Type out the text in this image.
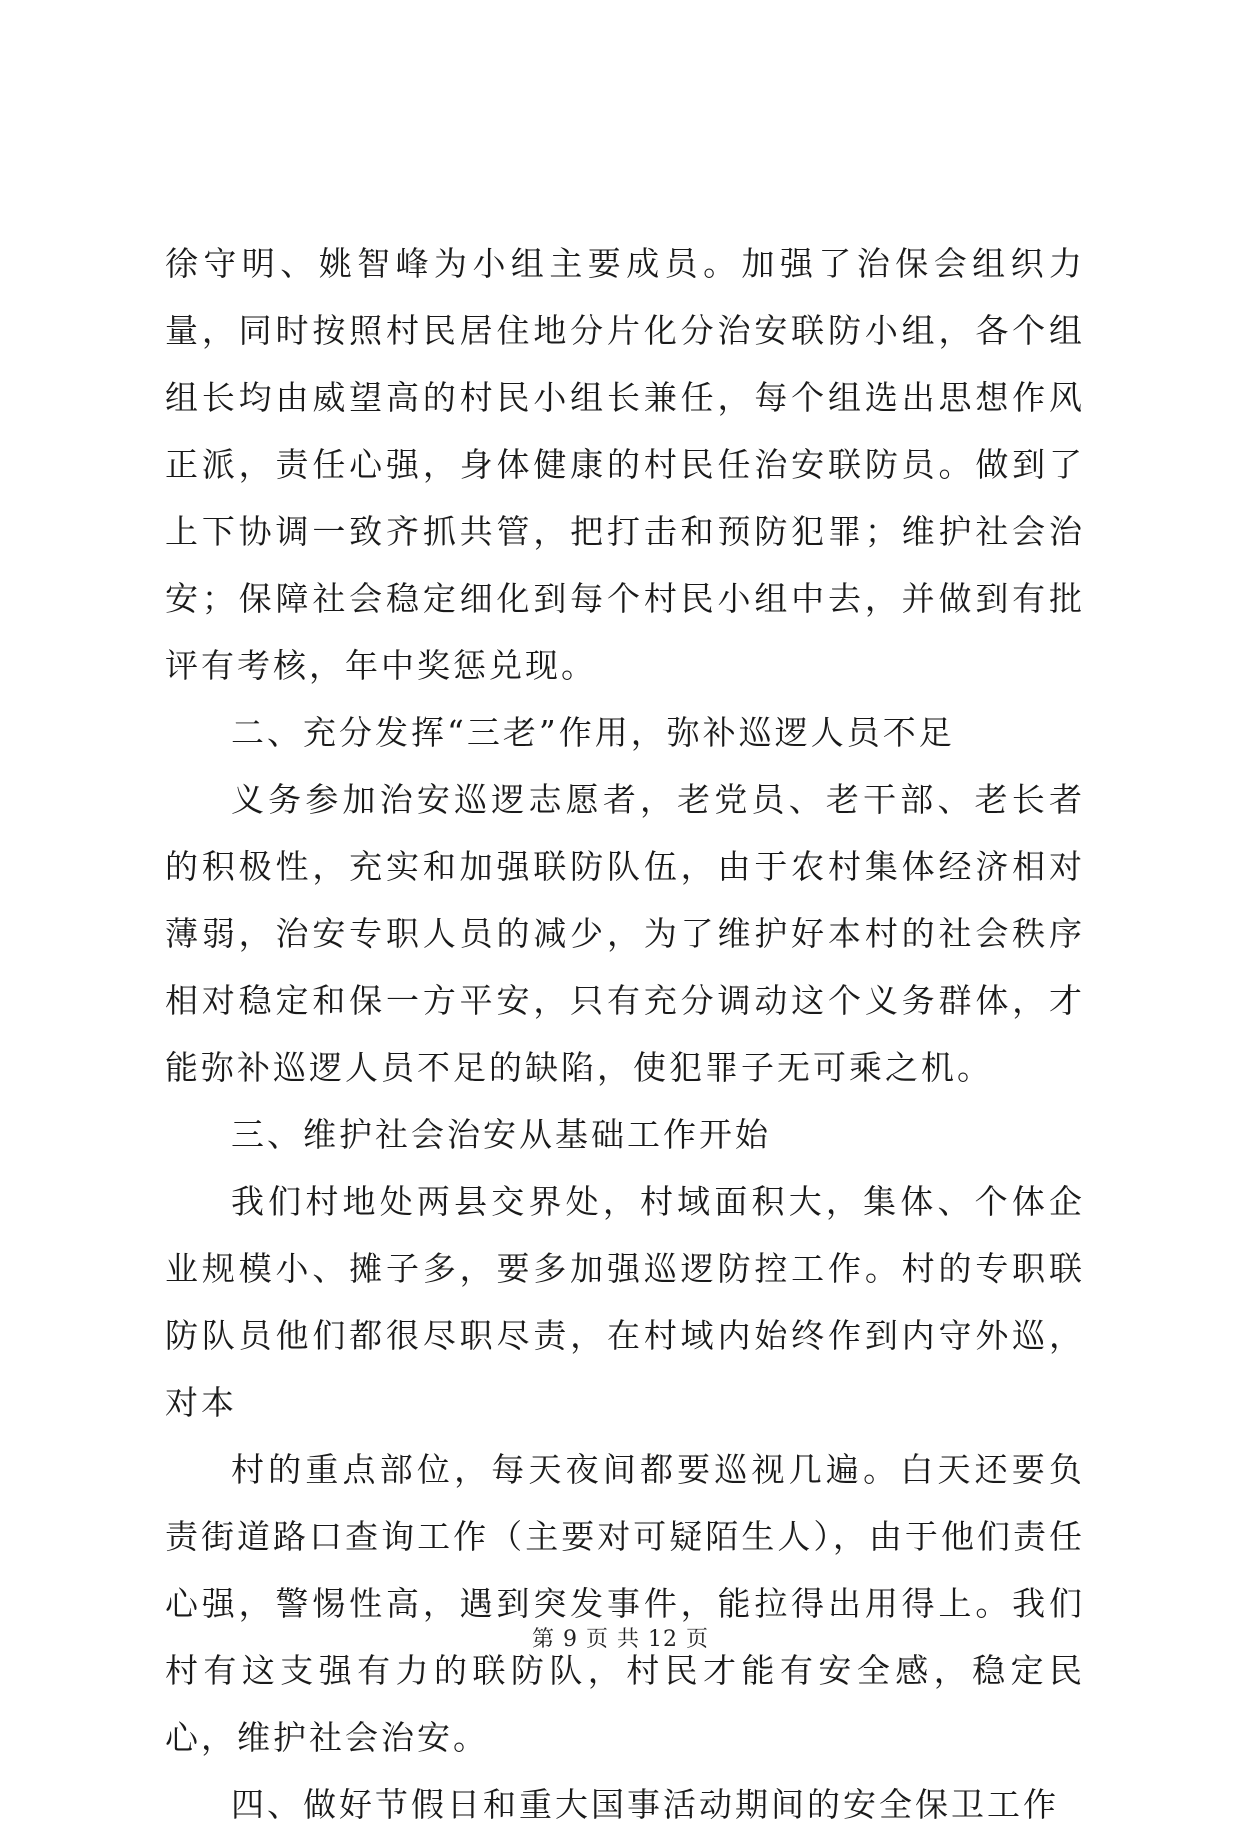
徐守明、姚智峰为小组主要成员。加强了治保会组织力量，同时按照村民居住地分片化分治安联防小组，各个组组长均由威望高的村民小组长兼任，每个组选出思想作风正派，责任心强，身体健康的村民任治安联防员。做到了上下协调一致齐抓共管，把打击和预防犯罪；维护社会治安；保障社会稳定细化到每个村民小组中去，并做到有批评有考核，年中奖惩兑现。

二、充分发挥“三老”作用，弥补巡逻人员不足

义务参加治安巡逻志愿者，老党员、老干部、老长者的积极性，充实和加强联防队伍，由于农村集体经济相对薄弱，治安专职人员的减少，为了维护好本村的社会秩序相对稳定和保一方平安，只有充分调动这个义务群体，才能弥补巡逻人员不足的缺陷，使犯罪子无可乘之机。

三、维护社会治安从基础工作开始

我们村地处两县交界处，村域面积大，集体、个体企业规模小、摊子多，要多加强巡逻防控工作。村的专职联防队员他们都很尽职尽责，在村域内始终作到内守外巡，对本

村的重点部位，每天夜间都要巡视几遍。白天还要负责街道路口查询工作（主要对可疑陌生人），由于他们责任心强，警惕性高，遇到突发事件，能拉得出用得上。我们村有这支强有力的联防队，村民才能有安全感，稳定民心，维护社会治安。

四、做好节假日和重大国事活动期间的安全保卫工作

第 9 页 共 12 页
